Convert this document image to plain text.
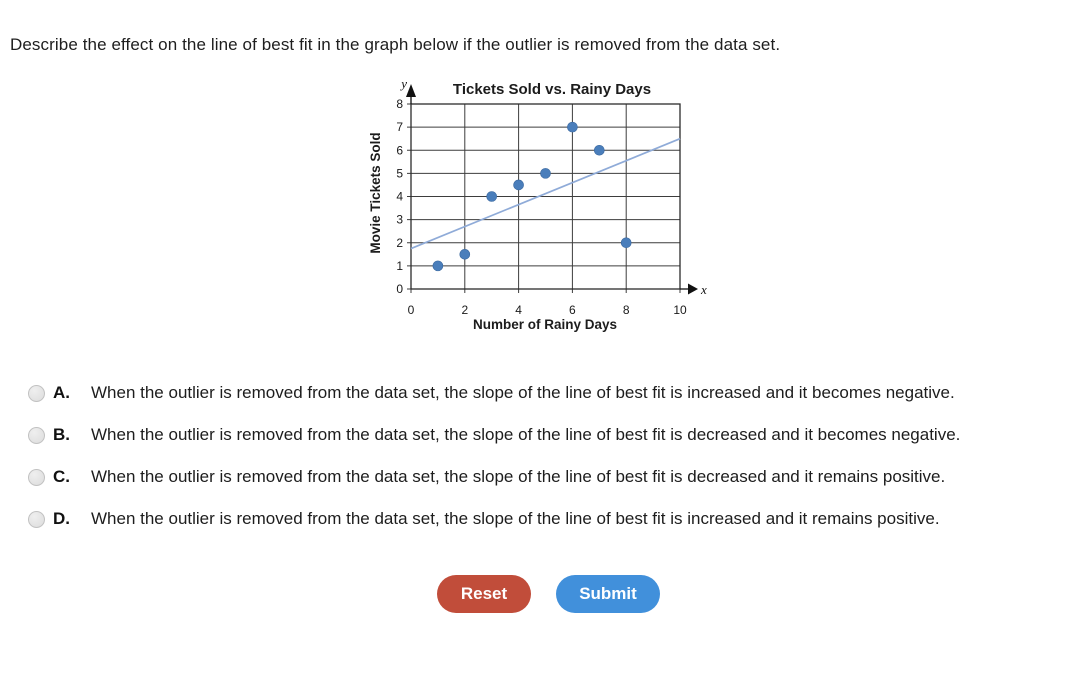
Describe the effect on the line of best fit in the graph below if the outlier is removed from the data set.
0	2	4	6	8	10
0
1
2
3
4
5
6
7
8
y
x
Tickets Sold vs. Rainy Days
Number of Rainy Days
Movie Tickets Sold
A.	When the outlier is removed from the data set, the slope of the line of best fit is increased and it becomes negative.
B.	When the outlier is removed from the data set, the slope of the line of best fit is decreased and it becomes negative.
C.	When the outlier is removed from the data set, the slope of the line of best fit is decreased and it remains positive.
D.	When the outlier is removed from the data set, the slope of the line of best fit is increased and it remains positive.
Reset	Submit
